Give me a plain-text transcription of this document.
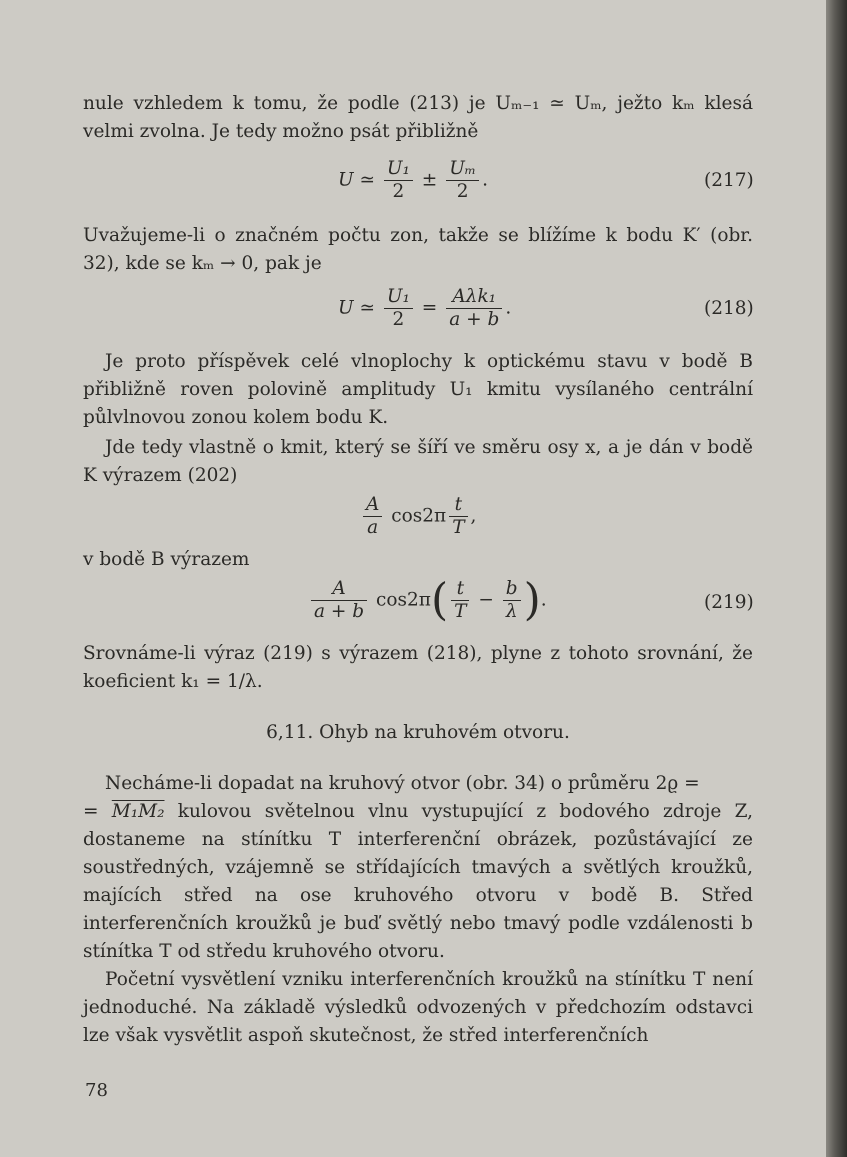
nule vzhledem k tomu, že podle (213) je Uₘ₋₁ ≃ Uₘ, ježto kₘ klesá velmi zvolna. Je tedy možno psát přibližně

U ≃ $\frac{\text{U₁}}{2} \pm \frac{\text{Uₘ}}{2}$ .	(217)

Uvažujeme-li o značném počtu zon, takže se blížíme k bodu K′ (obr. 32), kde se kₘ → 0, pak je

U ≃ $\frac{\text{U₁}}{2} = \frac{\text{Aλk₁}}{a + b}$ .	(218)

Je proto příspěvek celé vlnoplochy k optickému stavu v bodě B přibližně roven polovině amplitudy U₁ kmitu vysílaného centrální půlvlnovou zonou kolem bodu K.

Jde tedy vlastně o kmit, který se šíří ve směru osy x, a je dán v bodě K výrazem (202)

$\frac{A}{a} \cos 2\pi \frac{t}{T}$ ,

v bodě B výrazem

$\frac{A}{a + b} \cos 2\pi( \frac{t}{T} - \frac{b}{\lambda}$ ).	(219)

Srovnáme-li výraz (219) s výrazem (218), plyne z tohoto srovnání, že koeficient k₁ = 1/λ.

6,11. Ohyb na kruhovém otvoru.
Necháme-li dopadat na kruhový otvor (obr. 34) o průměru 2ϱ =
= M₁M₂ kulovou světelnou vlnu vystupující z bodového zdroje Z, dostaneme na stínítku T interferenční obrázek, pozůstávající ze soustředných, vzájemně se střídajících tmavých a světlých kroužků, majících střed na ose kruhového otvoru v bodě B. Střed interferenčních kroužků je buď světlý nebo tmavý podle vzdálenosti b stínítka T od středu kruhového otvoru.

Početní vysvětlení vzniku interferenčních kroužků na stínítku T není jednoduché. Na základě výsledků odvozených v předchozím odstavci lze však vysvětlit aspoň skutečnost, že střed interferenčních

78
